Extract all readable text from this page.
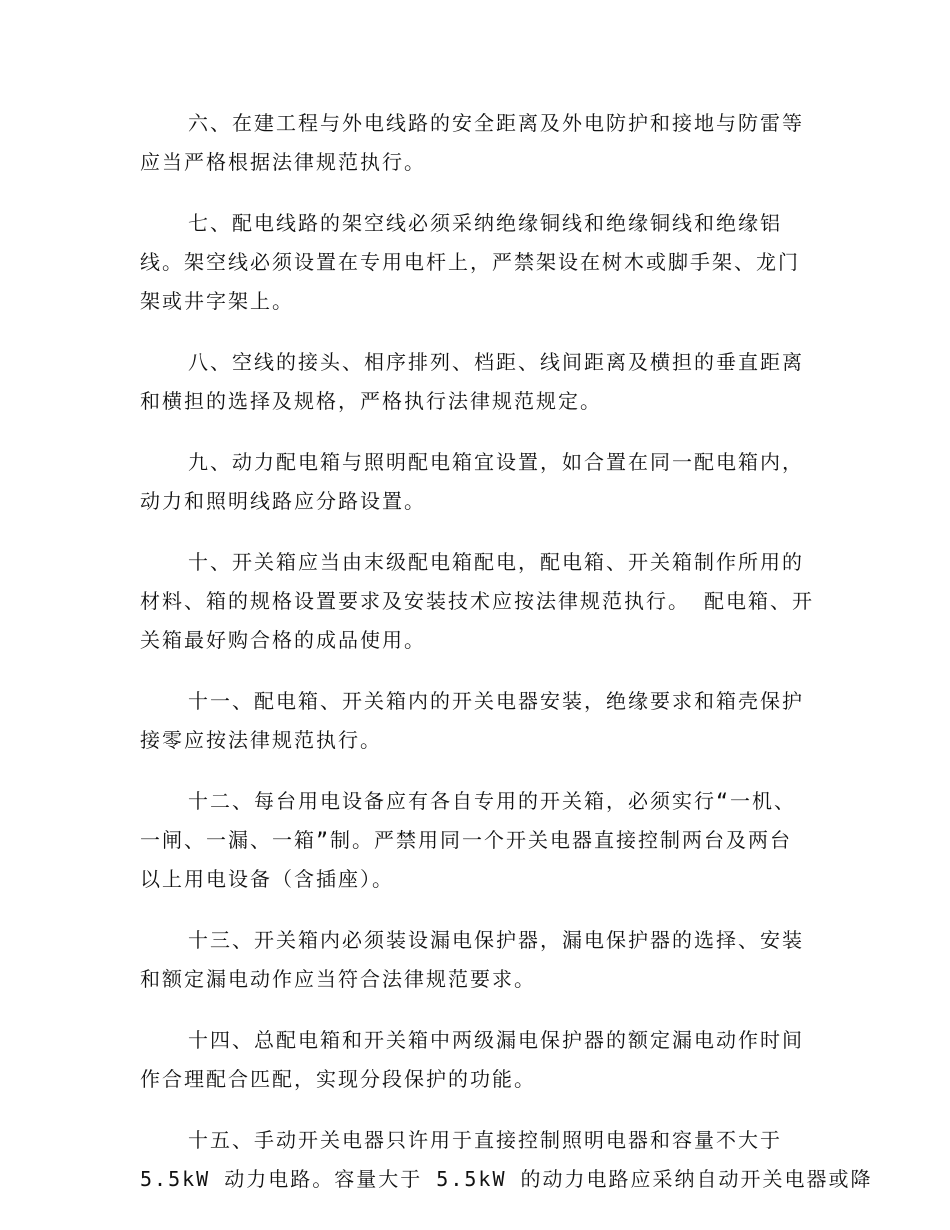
六、在建工程与外电线路的安全距离及外电防护和接地与防雷等
应当严格根据法律规范执行。

七、配电线路的架空线必须采纳绝缘铜线和绝缘铜线和绝缘铝
线。架空线必须设置在专用电杆上，严禁架设在树木或脚手架、龙门
架或井字架上。

八、空线的接头、相序排列、档距、线间距离及横担的垂直距离
和横担的选择及规格，严格执行法律规范规定。

九、动力配电箱与照明配电箱宜设置，如合置在同一配电箱内，
动力和照明线路应分路设置。

十、开关箱应当由末级配电箱配电，配电箱、开关箱制作所用的
材料、箱的规格设置要求及安装技术应按法律规范执行。 配电箱、开
关箱最好购合格的成品使用。

十一、配电箱、开关箱内的开关电器安装，绝缘要求和箱壳保护
接零应按法律规范执行。

十二、每台用电设备应有各自专用的开关箱，必须实行“一机、
一闸、一漏、一箱”制。严禁用同一个开关电器直接控制两台及两台
以上用电设备（含插座）。

十三、开关箱内必须装设漏电保护器，漏电保护器的选择、安装
和额定漏电动作应当符合法律规范要求。

十四、总配电箱和开关箱中两级漏电保护器的额定漏电动作时间
作合理配合匹配，实现分段保护的功能。

十五、手动开关电器只许用于直接控制照明电器和容量不大于
5.5kW 动力电路。容量大于 5.5kW 的动力电路应采纳自动开关电器或降
